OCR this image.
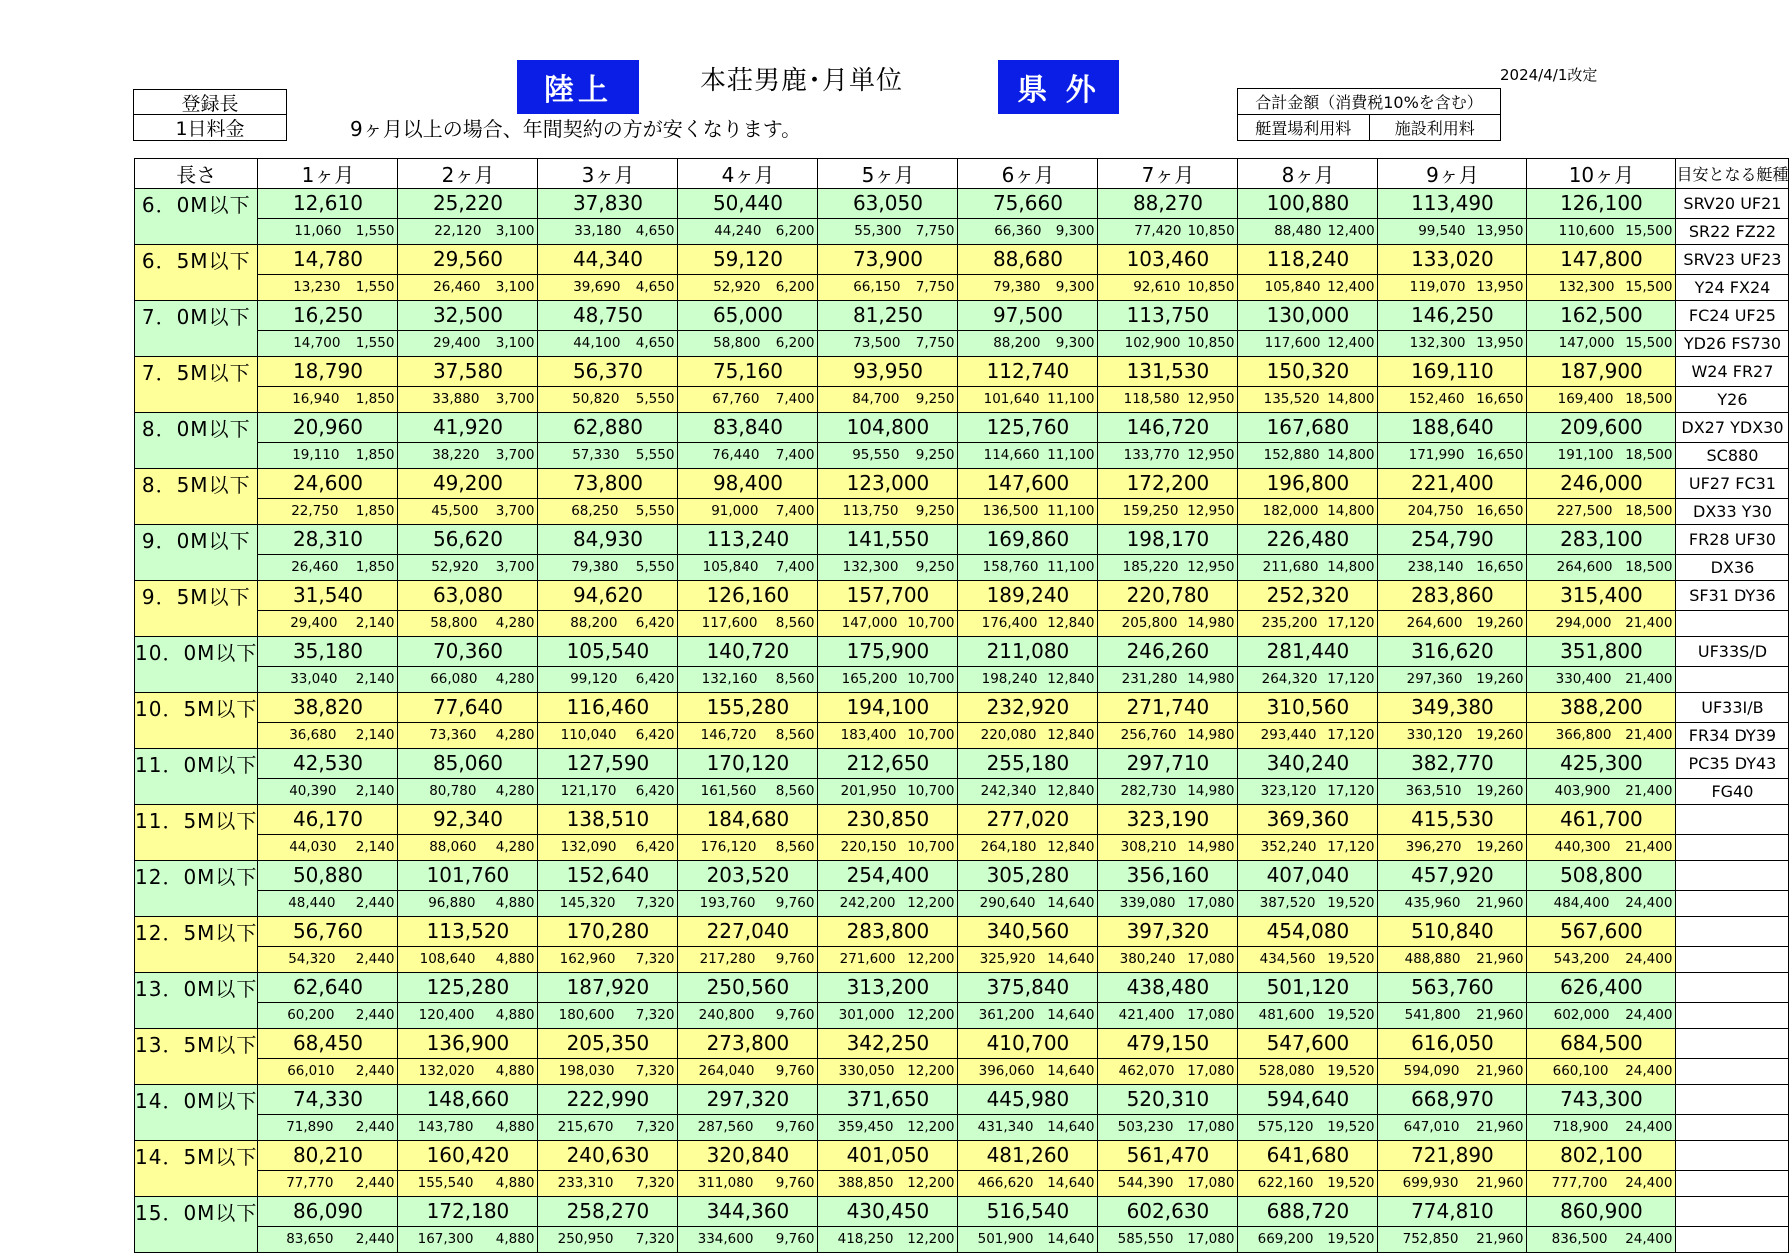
陸上	本荘男鹿･月単位	県 外	2024/4/1改定
登録長
1日料金	9ヶ月以上の場合、年間契約の方が安くなります。
合計金額（消費税10%を含む）
艇置場利用料	施設利用料
長さ	1ヶ月	2ヶ月	3ヶ月	4ヶ月	5ヶ月	6ヶ月	7ヶ月	8ヶ月	9ヶ月	10ヶ月	目安となる艇種
6．0M以下	12,610	25,220	37,830	50,440	63,050	75,660	88,270	100,880	113,490	126,100	SRV20 UF21

	11,060 1,550	22,120 3,100	33,180 4,650	44,240 6,200	55,300 7,750	66,360 9,300	77,420 10,850	88,480 12,400	99,540 13,950	110,600 15,500	SR22 FZ22
6．5M以下	14,780	29,560	44,340	59,120	73,900	88,680	103,460	118,240	133,020	147,800	SRV23 UF23

	13,230 1,550	26,460 3,100	39,690 4,650	52,920 6,200	66,150 7,750	79,380 9,300	92,610 10,850	105,840 12,400	119,070 13,950	132,300 15,500	Y24 FX24
7．0M以下	16,250	32,500	48,750	65,000	81,250	97,500	113,750	130,000	146,250	162,500	FC24 UF25

	14,700 1,550	29,400 3,100	44,100 4,650	58,800 6,200	73,500 7,750	88,200 9,300	102,900 10,850	117,600 12,400	132,300 13,950	147,000 15,500	YD26 FS730
7．5M以下	18,790	37,580	56,370	75,160	93,950	112,740	131,530	150,320	169,110	187,900	W24 FR27

	16,940 1,850	33,880 3,700	50,820 5,550	67,760 7,400	84,700 9,250	101,640 11,100	118,580 12,950	135,520 14,800	152,460 16,650	169,400 18,500	Y26
8．0M以下	20,960	41,920	62,880	83,840	104,800	125,760	146,720	167,680	188,640	209,600	DX27 YDX30

	19,110 1,850	38,220 3,700	57,330 5,550	76,440 7,400	95,550 9,250	114,660 11,100	133,770 12,950	152,880 14,800	171,990 16,650	191,100 18,500	SC880
8．5M以下	24,600	49,200	73,800	98,400	123,000	147,600	172,200	196,800	221,400	246,000	UF27 FC31

	22,750 1,850	45,500 3,700	68,250 5,550	91,000 7,400	113,750 9,250	136,500 11,100	159,250 12,950	182,000 14,800	204,750 16,650	227,500 18,500	DX33 Y30
9．0M以下	28,310	56,620	84,930	113,240	141,550	169,860	198,170	226,480	254,790	283,100	FR28 UF30

	26,460 1,850	52,920 3,700	79,380 5,550	105,840 7,400	132,300 9,250	158,760 11,100	185,220 12,950	211,680 14,800	238,140 16,650	264,600 18,500	DX36
9．5M以下	31,540	63,080	94,620	126,160	157,700	189,240	220,780	252,320	283,860	315,400	SF31 DY36

	29,400 2,140	58,800 4,280	88,200 6,420	117,600 8,560	147,000 10,700	176,400 12,840	205,800 14,980	235,200 17,120	264,600 19,260	294,000 21,400	

10．0M以下	35,180	70,360	105,540	140,720	175,900	211,080	246,260	281,440	316,620	351,800	UF33S/D

	33,040 2,140	66,080 4,280	99,120 6,420	132,160 8,560	165,200 10,700	198,240 12,840	231,280 14,980	264,320 17,120	297,360 19,260	330,400 21,400	

10．5M以下	38,820	77,640	116,460	155,280	194,100	232,920	271,740	310,560	349,380	388,200	UF33I/B

	36,680 2,140	73,360 4,280	110,040 6,420	146,720 8,560	183,400 10,700	220,080 12,840	256,760 14,980	293,440 17,120	330,120 19,260	366,800 21,400	FR34 DY39
11．0M以下	42,530	85,060	127,590	170,120	212,650	255,180	297,710	340,240	382,770	425,300	PC35 DY43

	40,390 2,140	80,780 4,280	121,170 6,420	161,560 8,560	201,950 10,700	242,340 12,840	282,730 14,980	323,120 17,120	363,510 19,260	403,900 21,400	FG40
11．5M以下	46,170	92,340	138,510	184,680	230,850	277,020	323,190	369,360	415,530	461,700	

	44,030 2,140	88,060 4,280	132,090 6,420	176,120 8,560	220,150 10,700	264,180 12,840	308,210 14,980	352,240 17,120	396,270 19,260	440,300 21,400	

12．0M以下	50,880	101,760	152,640	203,520	254,400	305,280	356,160	407,040	457,920	508,800	

	48,440 2,440	96,880 4,880	145,320 7,320	193,760 9,760	242,200 12,200	290,640 14,640	339,080 17,080	387,520 19,520	435,960 21,960	484,400 24,400	

12．5M以下	56,760	113,520	170,280	227,040	283,800	340,560	397,320	454,080	510,840	567,600	

	54,320 2,440	108,640 4,880	162,960 7,320	217,280 9,760	271,600 12,200	325,920 14,640	380,240 17,080	434,560 19,520	488,880 21,960	543,200 24,400	

13．0M以下	62,640	125,280	187,920	250,560	313,200	375,840	438,480	501,120	563,760	626,400	

	60,200 2,440	120,400 4,880	180,600 7,320	240,800 9,760	301,000 12,200	361,200 14,640	421,400 17,080	481,600 19,520	541,800 21,960	602,000 24,400	

13．5M以下	68,450	136,900	205,350	273,800	342,250	410,700	479,150	547,600	616,050	684,500	

	66,010 2,440	132,020 4,880	198,030 7,320	264,040 9,760	330,050 12,200	396,060 14,640	462,070 17,080	528,080 19,520	594,090 21,960	660,100 24,400	

14．0M以下	74,330	148,660	222,990	297,320	371,650	445,980	520,310	594,640	668,970	743,300	

	71,890 2,440	143,780 4,880	215,670 7,320	287,560 9,760	359,450 12,200	431,340 14,640	503,230 17,080	575,120 19,520	647,010 21,960	718,900 24,400	

14．5M以下	80,210	160,420	240,630	320,840	401,050	481,260	561,470	641,680	721,890	802,100	

	77,770 2,440	155,540 4,880	233,310 7,320	311,080 9,760	388,850 12,200	466,620 14,640	544,390 17,080	622,160 19,520	699,930 21,960	777,700 24,400	

15．0M以下	86,090	172,180	258,270	344,360	430,450	516,540	602,630	688,720	774,810	860,900	

	83,650 2,440	167,300 4,880	250,950 7,320	334,600 9,760	418,250 12,200	501,900 14,640	585,550 17,080	669,200 19,520	752,850 21,960	836,500 24,400	
